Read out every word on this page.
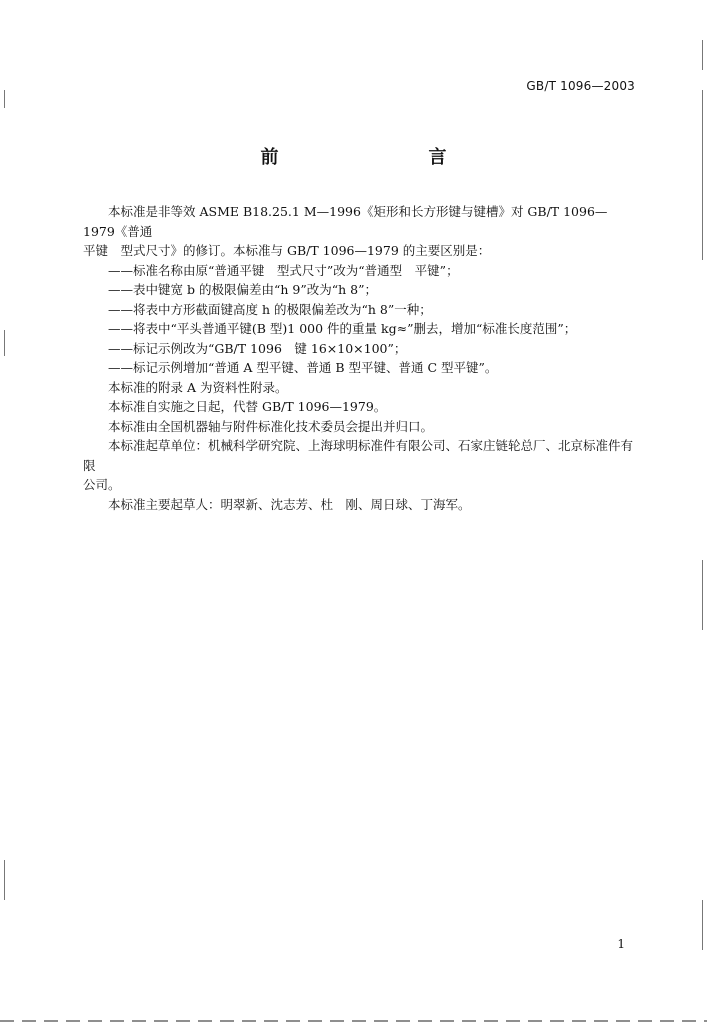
GB/T 1096—2003
前　　言

本标准是非等效 ASME B18.25.1 M—1996《矩形和长方形键与键槽》对 GB/T 1096—1979《普通

平键　型式尺寸》的修订。本标准与 GB/T 1096—1979 的主要区别是：

——标准名称由原“普通平键　型式尺寸”改为“普通型　平键”；

——表中键宽 b 的极限偏差由“h 9”改为“h 8”；

——将表中方形截面键高度 h 的极限偏差改为“h 8”一种；

——将表中“平头普通平键(B 型)1 000 件的重量 kg≈”删去，增加“标准长度范围”；

——标记示例改为“GB/T 1096　键 16×10×100”；

——标记示例增加“普通 A 型平键、普通 B 型平键、普通 C 型平键”。

本标准的附录 A 为资料性附录。

本标准自实施之日起，代替 GB/T 1096—1979。

本标准由全国机器轴与附件标准化技术委员会提出并归口。

本标准起草单位：机械科学研究院、上海球明标准件有限公司、石家庄链轮总厂、北京标准件有限

公司。

本标准主要起草人：明翠新、沈志芳、杜　刚、周日球、丁海军。

1
